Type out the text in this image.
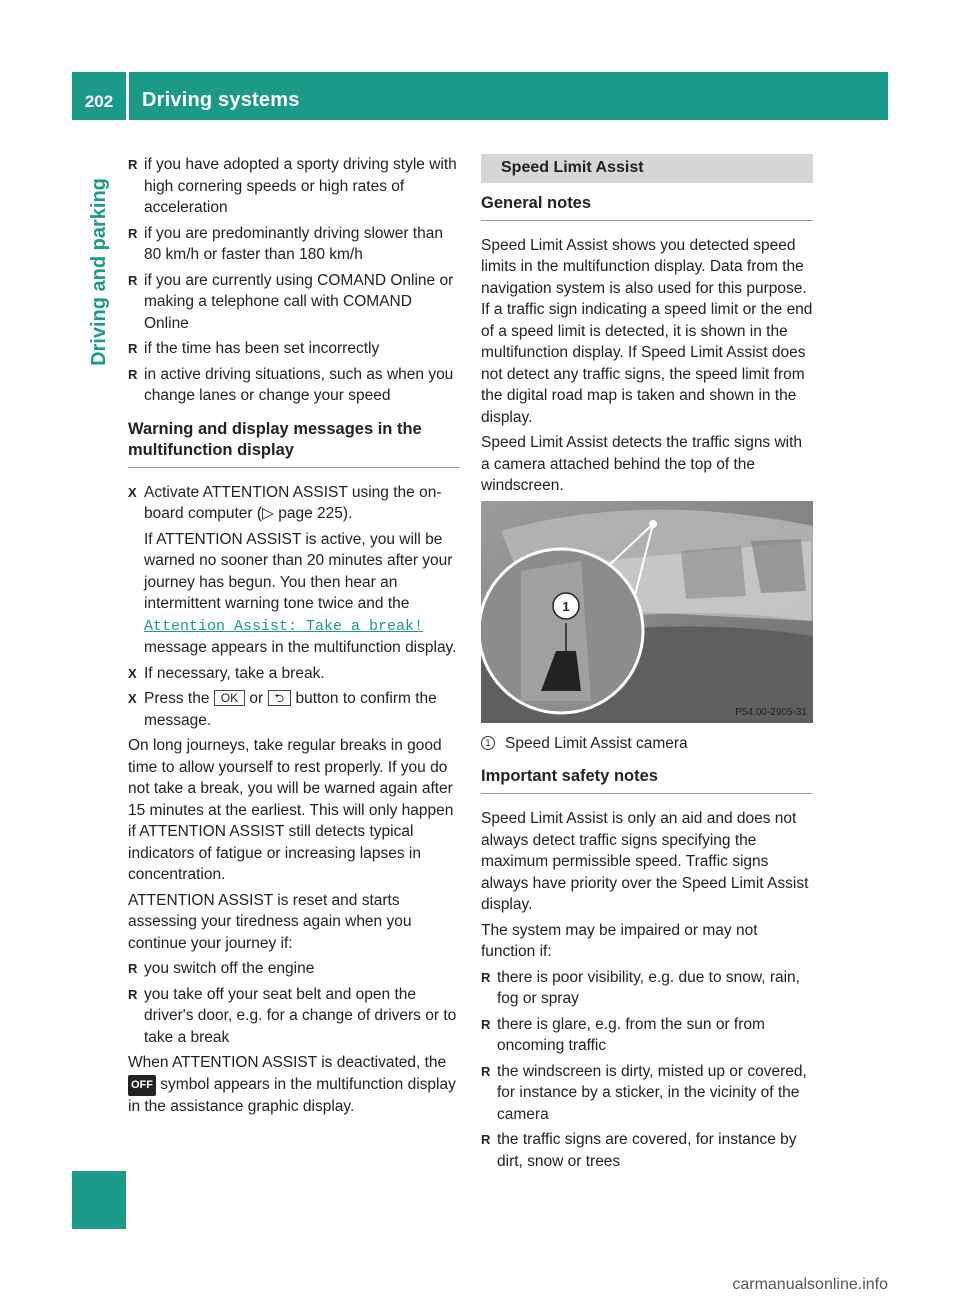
202	Driving systems
Driving and parking
R if you have adopted a sporty driving style with high cornering speeds or high rates of acceleration
R if you are predominantly driving slower than 80 km/h or faster than 180 km/h
R if you are currently using COMAND Online or making a telephone call with COMAND Online
R if the time has been set incorrectly
R in active driving situations, such as when you change lanes or change your speed
Warning and display messages in the multifunction display
X Activate ATTENTION ASSIST using the on-board computer (▷ page 225).
If ATTENTION ASSIST is active, you will be warned no sooner than 20 minutes after your journey has begun. You then hear an intermittent warning tone twice and the Attention Assist: Take a break! message appears in the multifunction display.
X If necessary, take a break.
X Press the OK or ⮌ button to confirm the message.

On long journeys, take regular breaks in good time to allow yourself to rest properly. If you do not take a break, you will be warned again after 15 minutes at the earliest. This will only happen if ATTENTION ASSIST still detects typical indicators of fatigue or increasing lapses in concentration.

ATTENTION ASSIST is reset and starts assessing your tiredness again when you continue your journey if:

R you switch off the engine
R you take off your seat belt and open the driver's door, e.g. for a change of drivers or to take a break

When ATTENTION ASSIST is deactivated, the OFF symbol appears in the multifunction display in the assistance graphic display.

Speed Limit Assist
General notes

Speed Limit Assist shows you detected speed limits in the multifunction display. Data from the navigation system is also used for this purpose. If a traffic sign indicating a speed limit or the end of a speed limit is detected, it is shown in the multifunction display. If Speed Limit Assist does not detect any traffic signs, the speed limit from the digital road map is taken and shown in the display.

Speed Limit Assist detects the traffic signs with a camera attached behind the top of the windscreen.

1
P54.00-2905-31
1 Speed Limit Assist camera
Important safety notes

Speed Limit Assist is only an aid and does not always detect traffic signs specifying the maximum permissible speed. Traffic signs always have priority over the Speed Limit Assist display.

The system may be impaired or may not function if:

R there is poor visibility, e.g. due to snow, rain, fog or spray
R there is glare, e.g. from the sun or from oncoming traffic
R the windscreen is dirty, misted up or covered, for instance by a sticker, in the vicinity of the camera
R the traffic signs are covered, for instance by dirt, snow or trees
carmanualsonline.info
